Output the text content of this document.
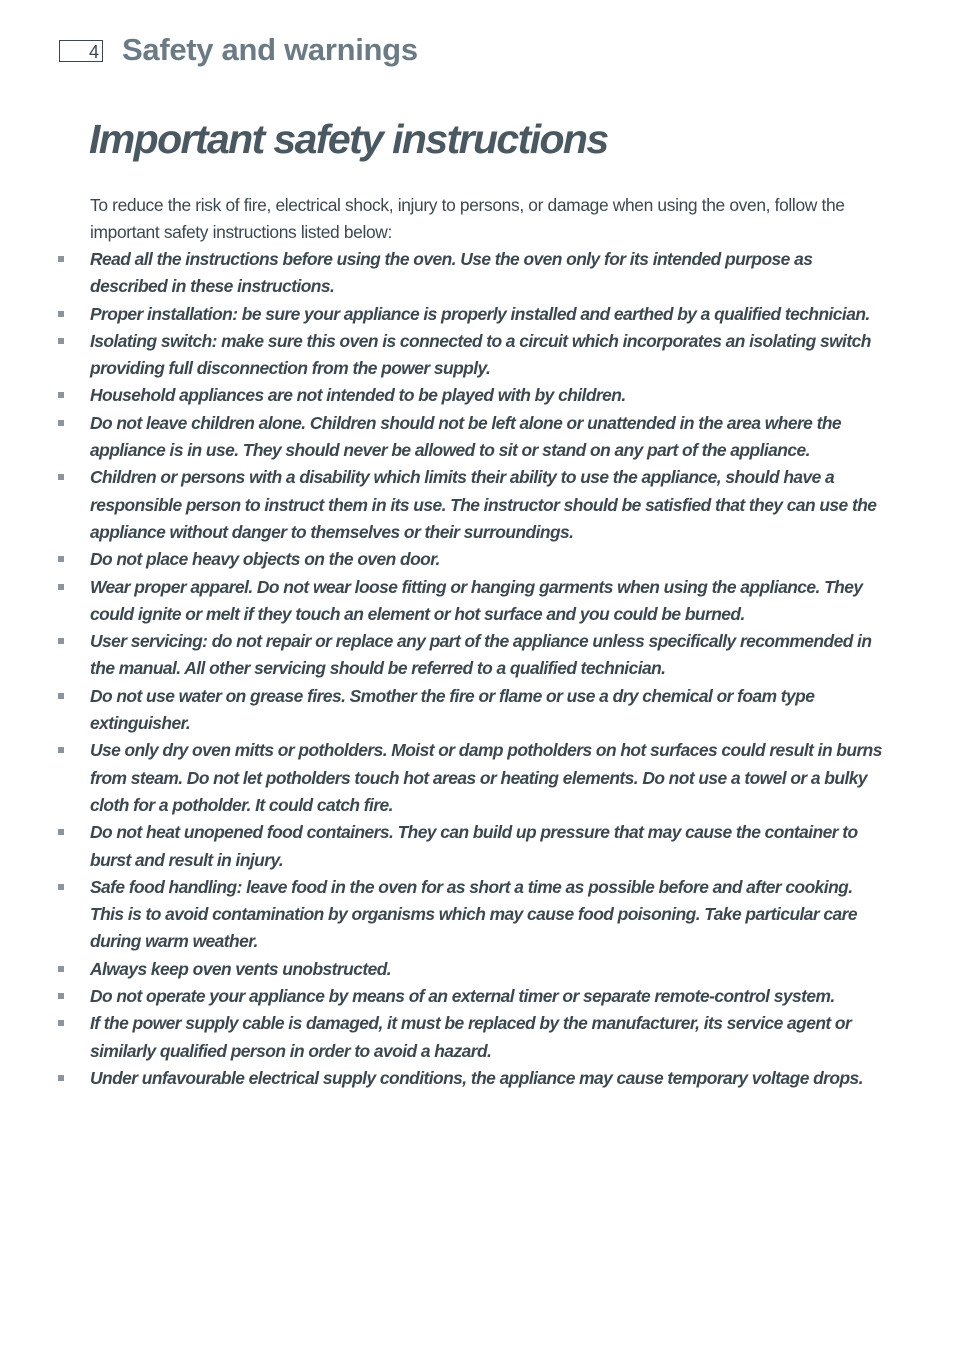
4 Safety and warnings
Important safety instructions

To reduce the risk of fire, electrical shock, injury to persons, or damage when using the oven, follow the important safety instructions listed below:

Read all the instructions before using the oven. Use the oven only for its intended purpose as described in these instructions.
Proper installation: be sure your appliance is properly installed and earthed by a qualified technician.
Isolating switch: make sure this oven is connected to a circuit which incorporates an isolating switch providing full disconnection from the power supply.
Household appliances are not intended to be played with by children.
Do not leave children alone. Children should not be left alone or unattended in the area where the appliance is in use. They should never be allowed to sit or stand on any part of the appliance.
Children or persons with a disability which limits their ability to use the appliance, should have a responsible person to instruct them in its use. The instructor should be satisfied that they can use the appliance without danger to themselves or their surroundings.
Do not place heavy objects on the oven door.
Wear proper apparel. Do not wear loose fitting or hanging garments when using the appliance. They could ignite or melt if they touch an element or hot surface and you could be burned.
User servicing: do not repair or replace any part of the appliance unless specifically recommended in the manual. All other servicing should be referred to a qualified technician.
Do not use water on grease fires. Smother the fire or flame or use a dry chemical or foam type extinguisher.
Use only dry oven mitts or potholders. Moist or damp potholders on hot surfaces could result in burns from steam. Do not let potholders touch hot areas or heating elements. Do not use a towel or a bulky cloth for a potholder. It could catch fire.
Do not heat unopened food containers. They can build up pressure that may cause the container to burst and result in injury.
Safe food handling: leave food in the oven for as short a time as possible before and after cooking. This is to avoid contamination by organisms which may cause food poisoning. Take particular care during warm weather.
Always keep oven vents unobstructed.
Do not operate your appliance by means of an external timer or separate remote-control system.
If the power supply cable is damaged, it must be replaced by the manufacturer, its service agent or similarly qualified person in order to avoid a hazard.
Under unfavourable electrical supply conditions, the appliance may cause temporary voltage drops.
